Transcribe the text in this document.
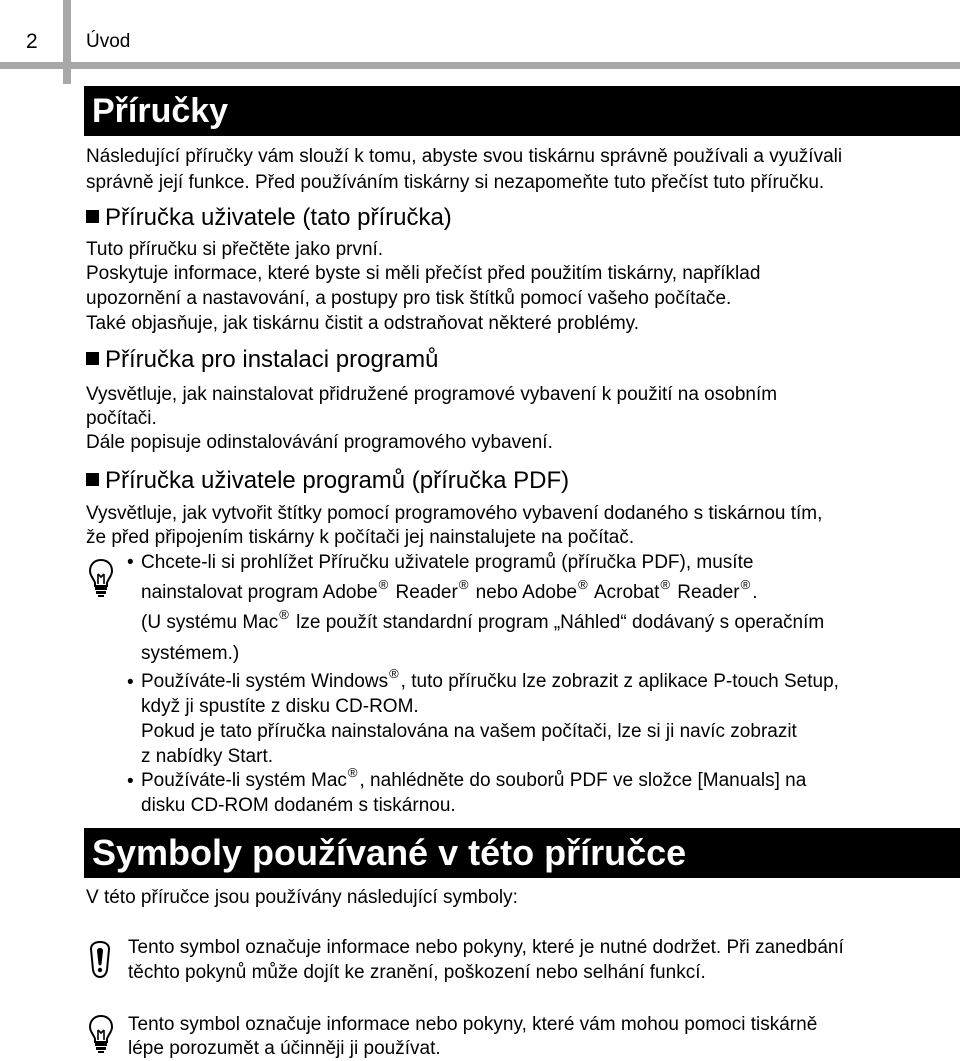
2	Úvod
Příručky
Následující příručky vám slouží k tomu, abyste svou tiskárnu správně používali a využívali
správně její funkce. Před používáním tiskárny si nezapomeňte tuto přečíst tuto příručku.
Příručka uživatele (tato příručka)
Tuto příručku si přečtěte jako první.
Poskytuje informace, které byste si měli přečíst před použitím tiskárny, například
upozornění a nastavování, a postupy pro tisk štítků pomocí vašeho počítače.
Také objasňuje, jak tiskárnu čistit a odstraňovat některé problémy.
Příručka pro instalaci programů
Vysvětluje, jak nainstalovat přidružené programové vybavení k použití na osobním
počítači.
Dále popisuje odinstalovávání programového vybavení.
Příručka uživatele programů (příručka PDF)
Vysvětluje, jak vytvořit štítky pomocí programového vybavení dodaného s tiskárnou tím,
že před připojením tiskárny k počítači jej nainstalujete na počítač.
• Chcete-li si prohlížet Příručku uživatele programů (příručka PDF), musíte
nainstalovat program Adobe® Reader® nebo Adobe® Acrobat® Reader® .
(U systému Mac® lze použít standardní program „Náhled“ dodávaný s operačním
systémem.)
• Používáte-li systém Windows® , tuto příručku lze zobrazit z aplikace P-touch Setup,
když ji spustíte z disku CD-ROM.
Pokud je tato příručka nainstalována na vašem počítači, lze si ji navíc zobrazit
z nabídky Start.
• Používáte-li systém Mac® , nahlédněte do souborů PDF ve složce [Manuals] na
disku CD-ROM dodaném s tiskárnou.
Symboly používané v této příručce
V této příručce jsou používány následující symboly:
Tento symbol označuje informace nebo pokyny, které je nutné dodržet. Při zanedbání
těchto pokynů může dojít ke zranění, poškození nebo selhání funkcí.
Tento symbol označuje informace nebo pokyny, které vám mohou pomoci tiskárně
lépe porozumět a účinněji ji používat.
